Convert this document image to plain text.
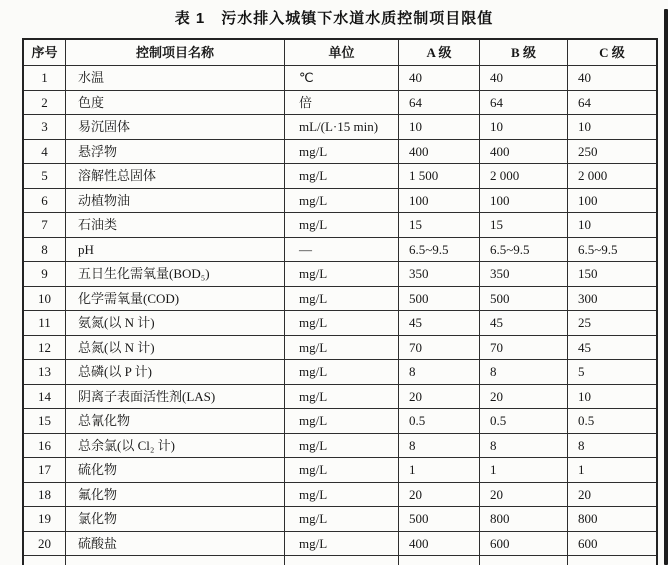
表 1　污水排入城镇下水道水质控制项目限值
序号	控制项目名称	单位	A 级	B 级	C 级
1	水温	℃	40	40	40
2	色度	倍	64	64	64
3	易沉固体	mL/(L·15 min)	10	10	10
4	悬浮物	mg/L	400	400	250
5	溶解性总固体	mg/L	1 500	2 000	2 000
6	动植物油	mg/L	100	100	100
7	石油类	mg/L	15	15	10
8	pH	—	6.5~9.5	6.5~9.5	6.5~9.5
9	五日生化需氧量(BOD₅)	mg/L	350	350	150
10	化学需氧量(COD)	mg/L	500	500	300
11	氨氮(以 N 计)	mg/L	45	45	25
12	总氮(以 N 计)	mg/L	70	70	45
13	总磷(以 P 计)	mg/L	8	8	5
14	阴离子表面活性剂(LAS)	mg/L	20	20	10
15	总氰化物	mg/L	0.5	0.5	0.5
16	总余氯(以 Cl₂ 计)	mg/L	8	8	8
17	硫化物	mg/L	1	1	1
18	氟化物	mg/L	20	20	20
19	氯化物	mg/L	500	800	800
20	硫酸盐	mg/L	400	600	600
